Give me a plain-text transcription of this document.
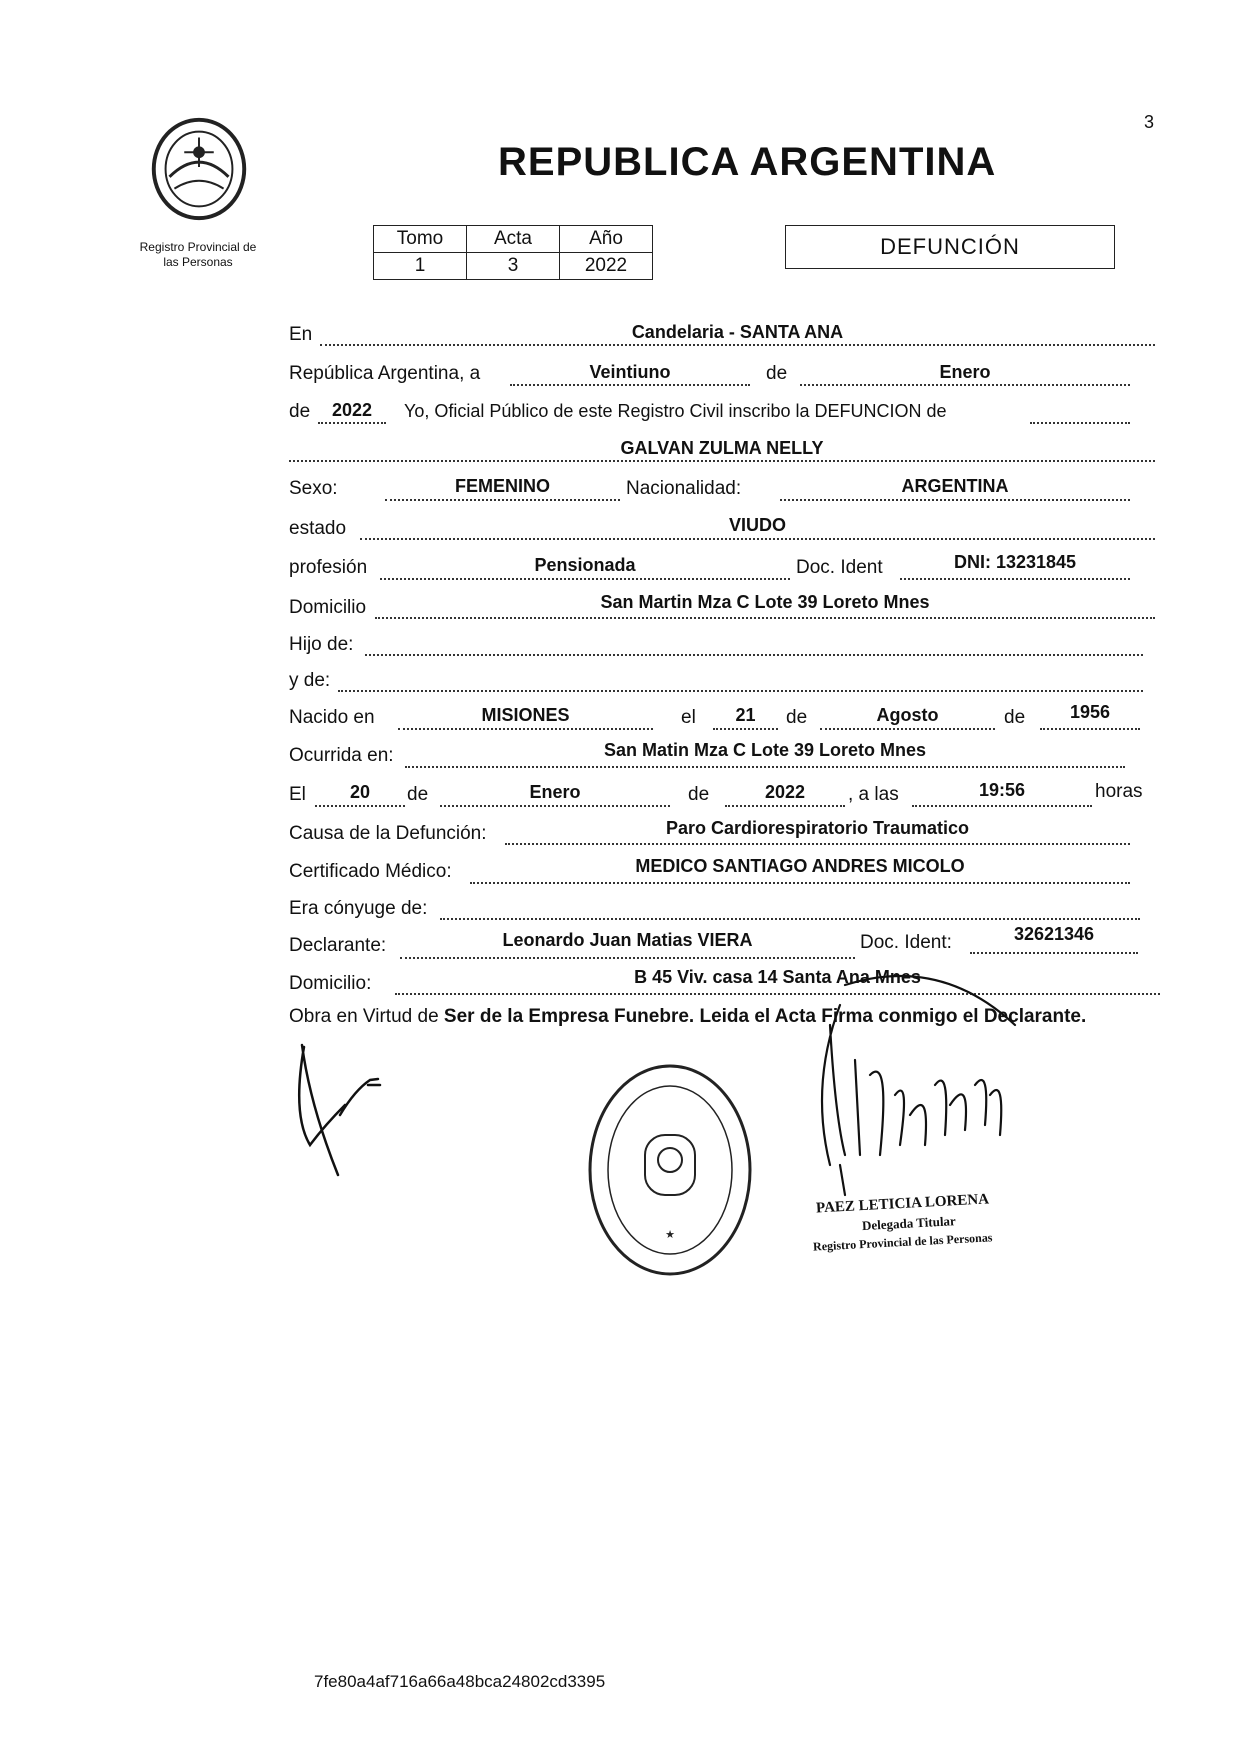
3
Registro Provincial de
las Personas
REPUBLICA ARGENTINA
Tomo	Acta	Año
1	3	2022
DEFUNCIÓN
En	Candelaria - SANTA ANA
República Argentina, a	Veintiuno	de	Enero
de	2022	Yo, Oficial Público de este Registro Civil inscribo la DEFUNCION de
GALVAN ZULMA NELLY
Sexo:	FEMENINO	Nacionalidad:	ARGENTINA
estado	VIUDO
profesión	Pensionada	Doc. Ident	DNI: 13231845
Domicilio	San Martin Mza C Lote 39 Loreto Mnes
Hijo de:
y de:
Nacido en	MISIONES	el	21	de	Agosto	de	1956
Ocurrida en:	San Matin Mza C Lote 39 Loreto Mnes
El	20	de	Enero	de	2022	, a las	19:56	horas
Causa de la Defunción:	Paro Cardiorespiratorio Traumatico
Certificado Médico:	MEDICO SANTIAGO ANDRES MICOLO
Era cónyuge de:
Declarante:	Leonardo Juan Matias VIERA	Doc. Ident:	32621346
Domicilio:	B 45 Viv. casa 14 Santa Ana Mnes
Obra en Virtud de Ser de la Empresa Funebre. Leida el Acta Firma conmigo el Declarante.
★
PAEZ LETICIA LORENA
Delegada Titular
Registro Provincial de las Personas
7fe80a4af716a66a48bca24802cd3395
